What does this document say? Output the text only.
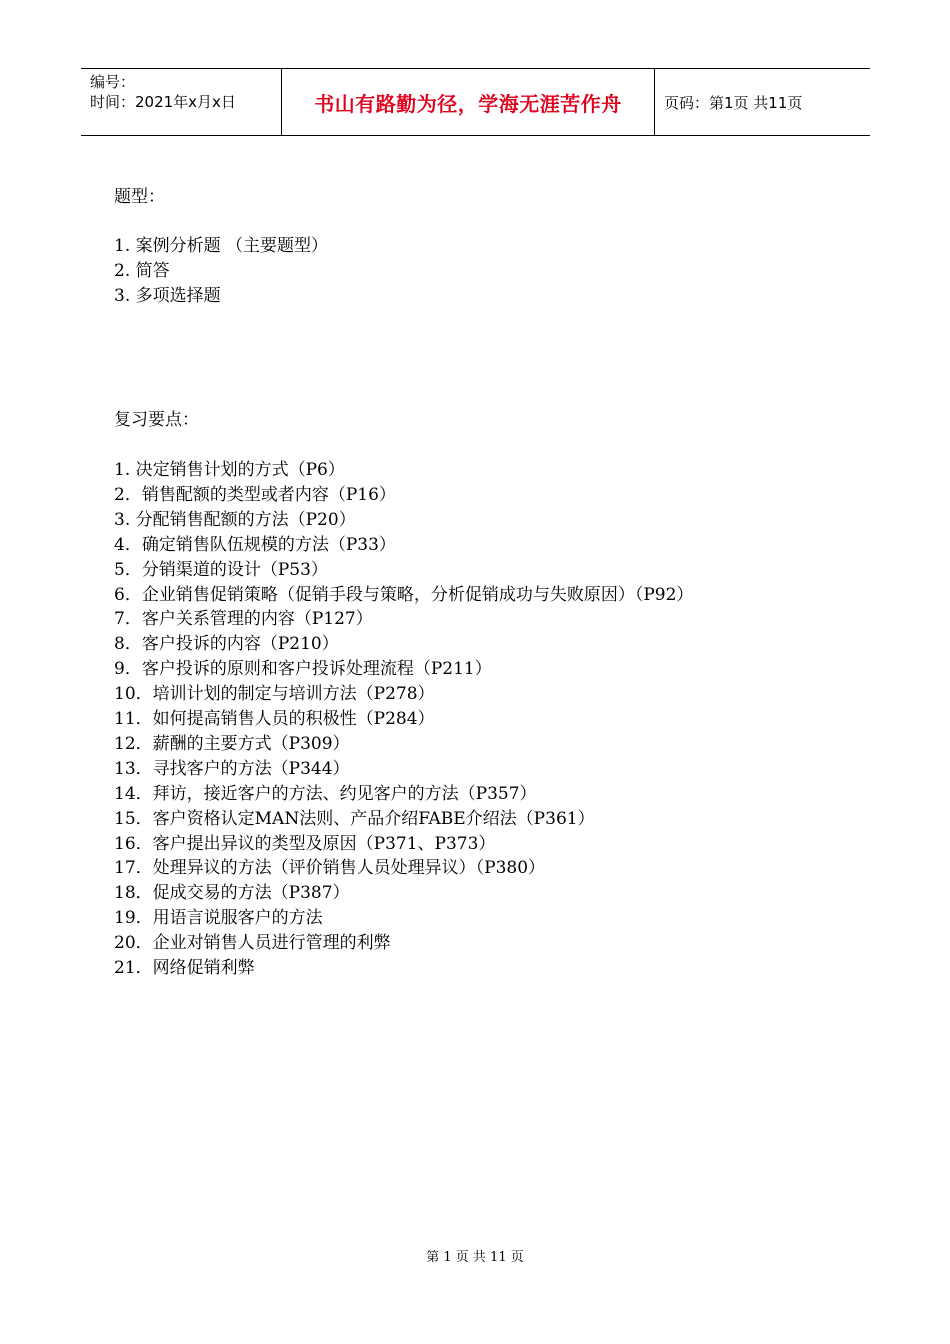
编号：
时间：2021年x月x日	书山有路勤为径，学海无涯苦作舟	页码：第1页 共11页
题型：
1. 案例分析题 （主要题型）
2. 简答
3. 多项选择题
复习要点：
1. 决定销售计划的方式（P6）
2．销售配额的类型或者内容（P16）
3. 分配销售配额的方法（P20）
4．确定销售队伍规模的方法（P33）
5．分销渠道的设计（P53）
6．企业销售促销策略（促销手段与策略，分析促销成功与失败原因）（P92）
7．客户关系管理的内容（P127）
8．客户投诉的内容（P210）
9．客户投诉的原则和客户投诉处理流程（P211）
10．培训计划的制定与培训方法（P278）
11．如何提高销售人员的积极性（P284）
12．薪酬的主要方式（P309）
13．寻找客户的方法（P344）
14．拜访，接近客户的方法、约见客户的方法（P357）
15．客户资格认定MAN法则、产品介绍FABE介绍法（P361）
16．客户提出异议的类型及原因（P371、P373）
17．处理异议的方法（评价销售人员处理异议）（P380）
18．促成交易的方法（P387）
19．用语言说服客户的方法
20．企业对销售人员进行管理的利弊
21．网络促销利弊
第 1 页 共 11 页
